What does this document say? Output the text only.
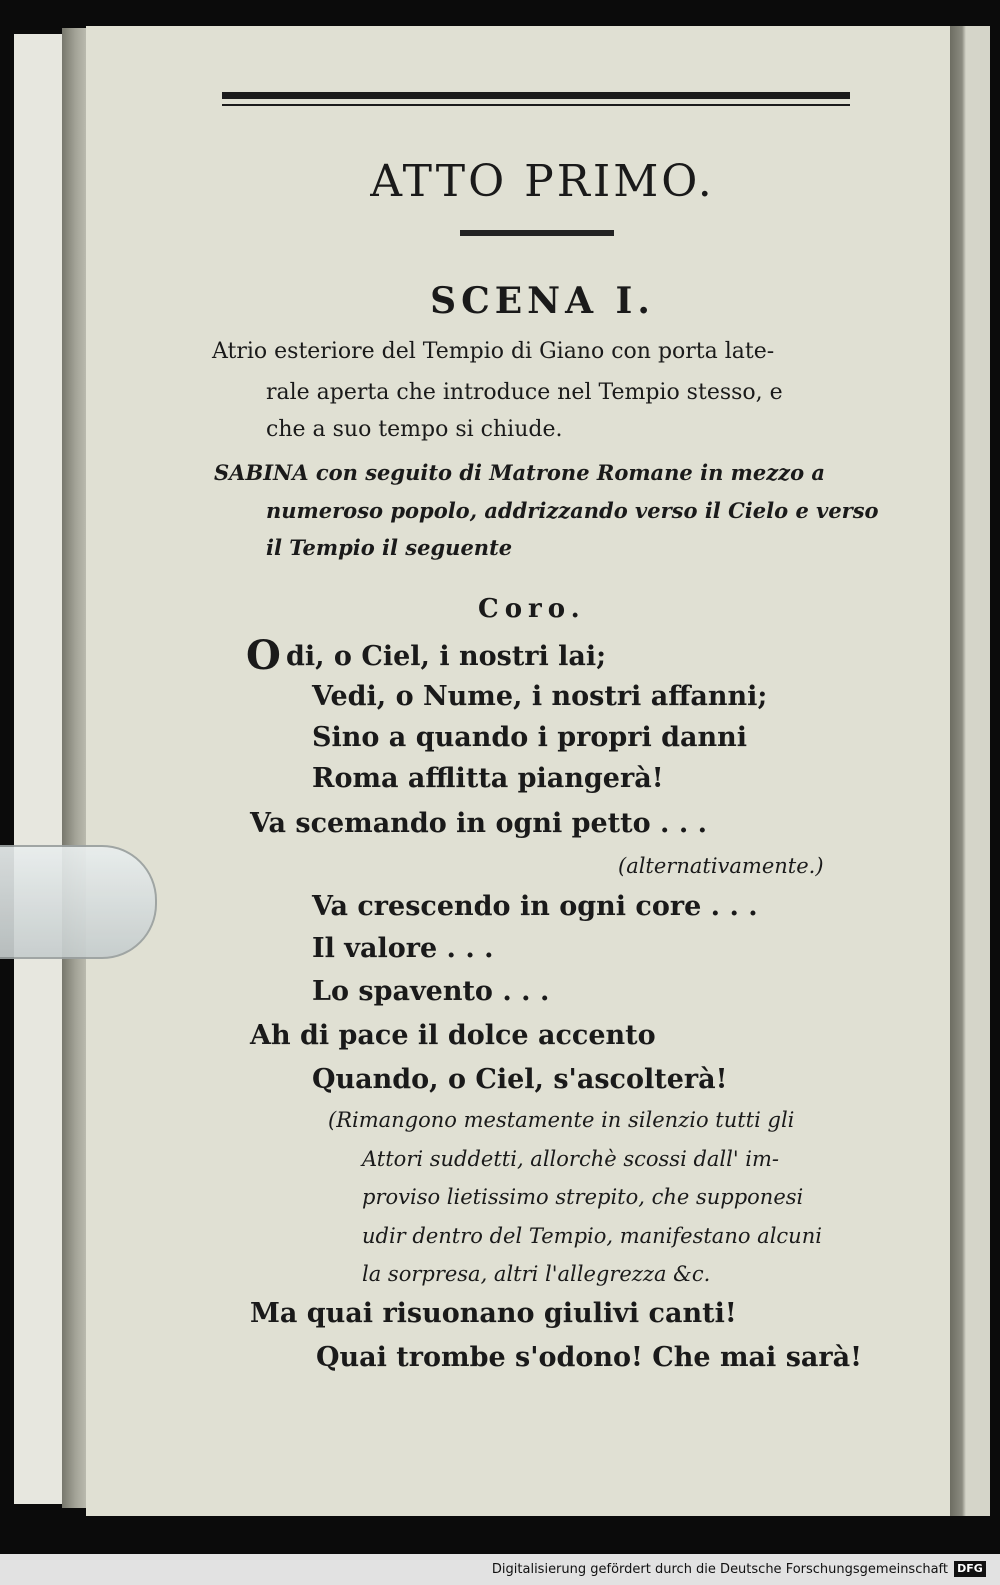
ATTO PRIMO.
SCENA I.
Atrio esteriore del Tempio di Giano con porta late-
rale aperta che introduce nel Tempio stesso, e
che a suo tempo si chiude.
SABINA con seguito di Matrone Romane in mezzo a
numeroso popolo, addrizzando verso il Cielo e verso
il Tempio il seguente
Coro.
O di, o Ciel, i nostri lai;
Vedi, o Nume, i nostri affanni;
Sino a quando i propri danni
Roma afflitta piangerà!
Va scemando in ogni petto . . .
(alternativamente.)
Va crescendo in ogni core . . .
Il valore . . .
Lo spavento . . .
Ah di pace il dolce accento
Quando, o Ciel, s'ascolterà!
(Rimangono mestamente in silenzio tutti gli
Attori suddetti, allorchè scossi dall' im-
proviso lietissimo strepito, che supponesi
udir dentro del Tempio, manifestano alcuni
la sorpresa, altri l'allegrezza &c.
Ma quai risuonano giulivi canti!
Quai trombe s'odono! Che mai sarà!
Digitalisierung gefördert durch die Deutsche Forschungsgemeinschaft DFG
